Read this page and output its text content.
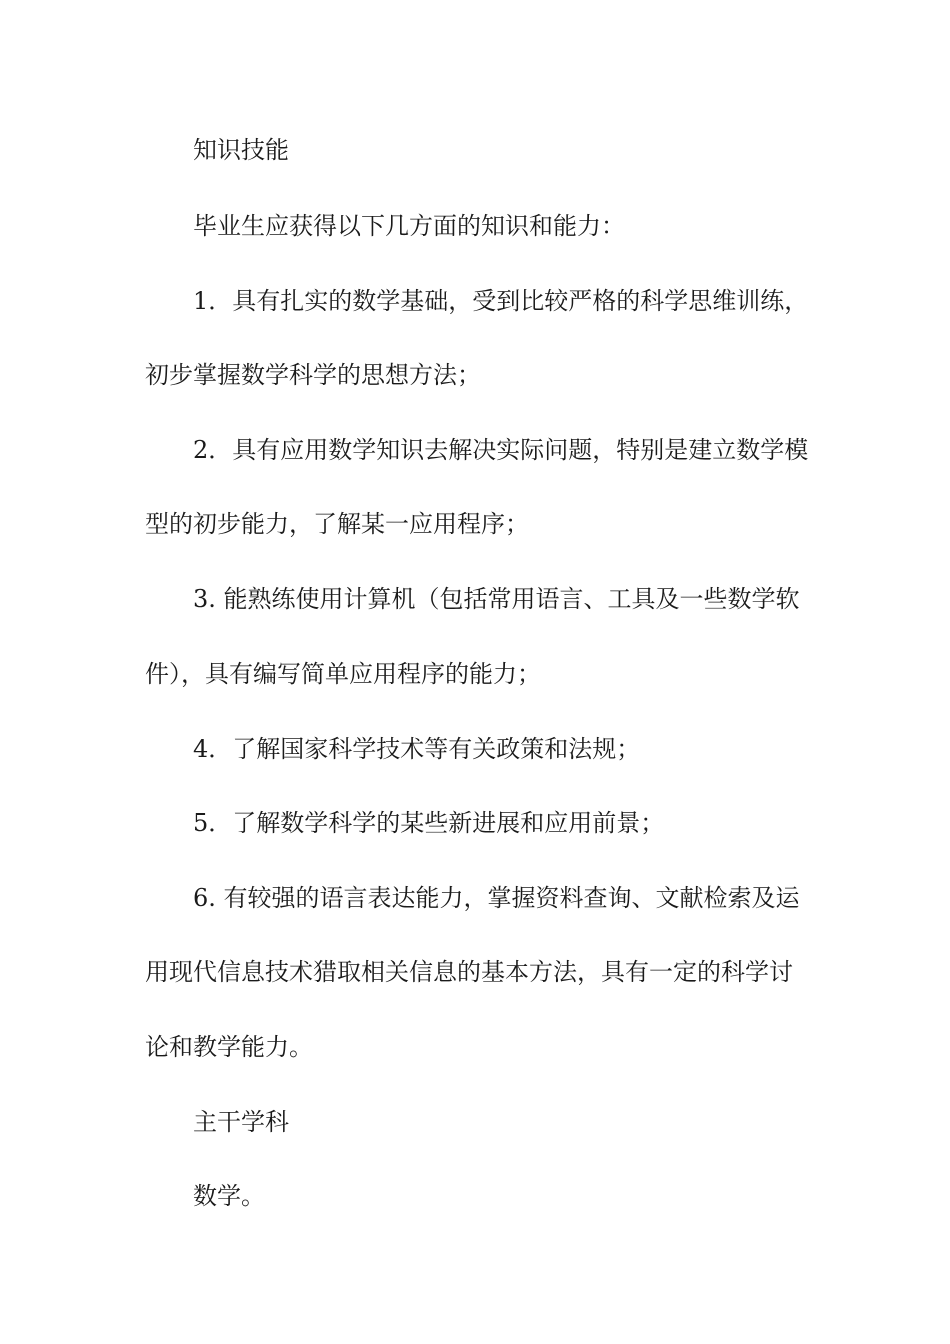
知识技能
毕业生应获得以下几方面的知识和能力：
1．具有扎实的数学基础，受到比较严格的科学思维训练，
初步掌握数学科学的思想方法；
2．具有应用数学知识去解决实际问题，特别是建立数学模
型的初步能力，了解某一应用程序；
3. 能熟练使用计算机（包括常用语言、工具及一些数学软
件），具有编写简单应用程序的能力；
4．了解国家科学技术等有关政策和法规；
5．了解数学科学的某些新进展和应用前景；
6. 有较强的语言表达能力，掌握资料查询、文献检索及运
用现代信息技术猎取相关信息的基本方法，具有一定的科学讨
论和教学能力。
主干学科
数学。
